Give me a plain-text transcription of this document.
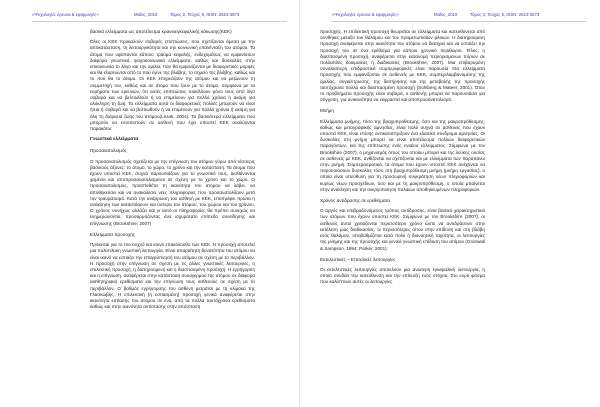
«Ψυχολογία: έρευνα & εφαρμογές»	Μαΐος, 2019	Τόμος 2, Τεύχος 5, ISSN: 2623-3673

βασικά ελλείμματα ως αποτέλεσμα κρανιοεγκεφαλικής κάκωσης(ΚΕΚ)

Όλες οι ΚΕΚ προκαλούν σοβαρές επιπτώσεις, που σχετίζονται άμεσα με την αποκατάσταση, τη λειτουργικότητα και την κοινωνική επανένταξη του ατόμου. Τα άτομα που υφίστανται κάποιο τραύμα κεφαλής, ενδεχομένως να εμφανίσουν διάφορα γνωστικά, ψυχοκοινωνικά ελλείμματα, καθώς και δυσκολίες στην επικοινωνία το λόγο και την ομιλία, που θα εμφανίζονται με διαφορετικές μορφές και θα εξαρτώνται από το πού έγινε της βλάβης, το σημείο της βλάβης, καθώς και το πού θα το άτομο. Οι ΚΕΚ επηρεάζουν της ατόμου και να μειώνουν τη συμμετοχή του, καθώς και σε άτομα που ζουν με το άτομο, σύμφωνα με τα ευρήματα των ερευνών, ότι αυτές επιπτώσεις ποικίλλουν μόνο τους από λίγο σοβαρά και να βελτιωθούν ή να επιμείνουν για πολλά χρόνια ή ακόμη για ολόκληρη τη ζωή. Τα ελλείμματα αυτά οι διαφορετικές πολλές μπορούν να είναι ήπια ή σοβαρά και να βελτιωθούν ή να επιμένουν για πολλά χρόνια ή ακόμη για όλη τη διάρκεια ζωής του ατόμου(Lezak, 2004). Τα βασικότερα ελλείμματα που μπορούν να εντοπιστούν σε ασθενή που έχει υποστεί ΚΕΚ αναλύονται παρακάτω:

Γνωστικά ελλείμματα
Προσανατολισμός

Ο προσανατολισμός σχετίζεται με την επίγνωση του ατόμου γύρω από τέσσερις βασικούς άξονες: το άτομο, το χώρο, το χρόνο και την κατάσταση. Τα άτομα που έχουν υποστεί ΚΕΚ, συχνά παρουσιάζουν για το γνωστικό τους, αισθάνονται χαμένοι και αποπροσανατολισμένοι σε σχέση με το χρόνο και το χώρο. Ο προσανατολισμός, προϋποθέτει τη ικανότητα του ατόμου να λάβει, να αποθηκεύσει και να ανακαλέσει νέες πληροφορίες που προσανατολίζουν μετά τον τραυματισμό. Κατά την ανάρρωση του ασθενή με ΚΕΚ, επιστρέφει πρώτα η ανάκληση των καταστάσεων και ύστερα του ατόμου, του χώρου και του χρόνου. Ο χρόνος συνήχως αλλάζει και γι αυτό οι πληροφορίες θα πρέπει συνεχώς να ενημερώνονται, προσαρμόζοντας ένα ισχυρότατο επίπεδο συνείδησης και επίγνωσης (Brookshire, 2007)

Ελλείμματα προσοχής

Πρόκειται για το πιο συχνό και κοινό επακόλουθο των ΚΕΚ. Η προσοχή αποτελεί μια πολύπλοκη γνωστική λειτουργία. Είναι απαραίτητη δυνατότητα του ατόμου να είναι ικανό να εστιάζει την επαγρύπνησή του ατόμου σε σχέση με το περιβάλλον. Η προσοχή στην επίγνωση σε σχέση με τις άλλες γνωστικές λειτουργίες, η επιλεκτική προσοχή, η διατηρούμενη και η διασπασμένη προσοχή. Η εγρήγορση και η επίγνωση, αναφέρεται στην κατάσταση συναγερμού της ατόμου σε διάφορα αισθητηριακά ερεθίσματα και την επίγνωση τους ασθενούς σε σχέση με το περιβάλλον. Ο βαθμός εγρήγορσης του ασθενή μετράται με τη κλίμακα της Γλασκώβης. Η επιλεκτική (ή εστιασμένη) προσοχή γενικά αναφέρεται στην ικανότητα εστίασης του ατόμου σε ένα, από τα πολλά ταυτόχρονα ερεθίσματα καθώς και στην ικανότητα αντίστασης στην απόσπαση

«Ψυχολογία: έρευνα & εφαρμογές»	Μαΐος, 2019	Τόμος 2, Τεύχος 5, ISSN: 2623-3673

προσοχής. Η επιλεκτική προσοχή θεωρείται σε ελλείμματα και κατευθύνεται από συνθήκες μεταξύ του θαλάμου και τον προμετωπιαίων φλοιών. Η διατηρούμενη προσοχή αναφέρεται στην ικανότητα του ατόμου να διατηρεί και να εστιάζει την προσοχή του σε ένα ερέθισμα για κάποιο χρονικό περιθώριο. Τέλος, η διασπασμένη προσοχή, αναφέρεται στην κατανομή περιορισμένων πόρων σε πολλαπλές δοκιμασίες ή διαδικασίες (Brookshire, 2007). Μια επιβαρυμένη συνολικότερη επιδραστικά συμπεριφορικές είναι παρουσία στα ελλείμματα προσοχής που εμφανίζονται σε ασθενείς με ΚΕΚ, συμπεριλαμβανομένης της ομιλίας, συγκέντρωσης, της διατήρησης και της μεταβολής της προσοχής ταυτόχρονα πολλά και διασπασμένη προσοχή (Sohlberg & Mateer, 2001). Όταν το προβλήματα προσοχής είναι σοβαρά, ο ασθενής μπορεί να παρουσιάσει για σύγχυση, για ανικανότητα να εκφραστεί και αποπροσανατολισμό.

Μνήμη

Ελλείμματα μνήμης, τόσο της βραχυπρόθεσμης, όσο και της μακροπρόθεσμης, καθώς και μεταγραφικής αμνησίας, είναι πολύ συχνά σε ασθενείς που έχουν υποστεί ΚΕΚ, είναι επίσης αντικατοπτρίζουν ένα κλασικό σύνδρομο αμνησίας. Οι δυσκολίες στη μνήμη μπορεί να είναι αποτέλεσμα πολλών διαφορετικών παραγόντων, και της επίπτωσης ενός ενιαίου ελλείμματος. Σύμφωνα με τον Brookshire (2007), ο μηχανισμός όπως του οποίου μπορεί και της λεύκης ουσίας σε ασθενείς με ΚΕΚ, ανθίζονται να σχετίζονται και με ελλείμματα των παραπάνω στην μνήμη. Συμπερασματικά, τα άτομα που έχουν υποστεί ΚΕΚ ανέχονται να παρουσιάσουν δυσκολίες τόσο στη βραχυπρόθεσμη μνήμη (μνήμη εργασίας), ο οποία είναι υπεύθυνη για τη προσωρινή συγκράτηση νέων πληροφοριών και κυρίως νέων προσχέδιων, όσο και με τη μακροπρόθεσμη, ο οποία μπαίνεται στην ανάκληση και την ανεργοποίηση παλαιών αποθηκευμένων πληροφοριών.

Χρόνος αντίδρασης σε ερεθίσματα

Ο αργός και επιβραδυνόμενος τρόπος αντίδρασης, είναι βασικό χαρακτηριστικό των ατόμων που έχουν υποστεί ΚΕΚ. Σύμφωνα με τον Brookshire (2007), οι ασθενείς αυτοί χρειάζονται περισσότερο χρόνο ώστε να αντιδράσουν στην εκτέλεση μιας διαδικασίας, οι περισσότερες όπου στην επίδοση και στη βλάβη ενός θαλάμου, υποβαθμίζεται κατά πολύ ή διανοητική ταχύτητα, οι λειτουργίες της μνήμης και της προσοχής και γενικά γνωστική επίδοση του ατόμου (Gronwall & Sampson, 1994; Parker, 2001).

Εκτελεστικές – Επιτελικές λειτουργίες

Οι εκτελεστικές λειτουργίες αποτελούν μια ανώτερη εγκεφαλική λειτουργία, η οποία συνδέει την κατεύθυνση και την επίτευξη ενός στόχου. Στο ευρύ φάσμα που καλύπτουν αυτές οι λειτουργίες
